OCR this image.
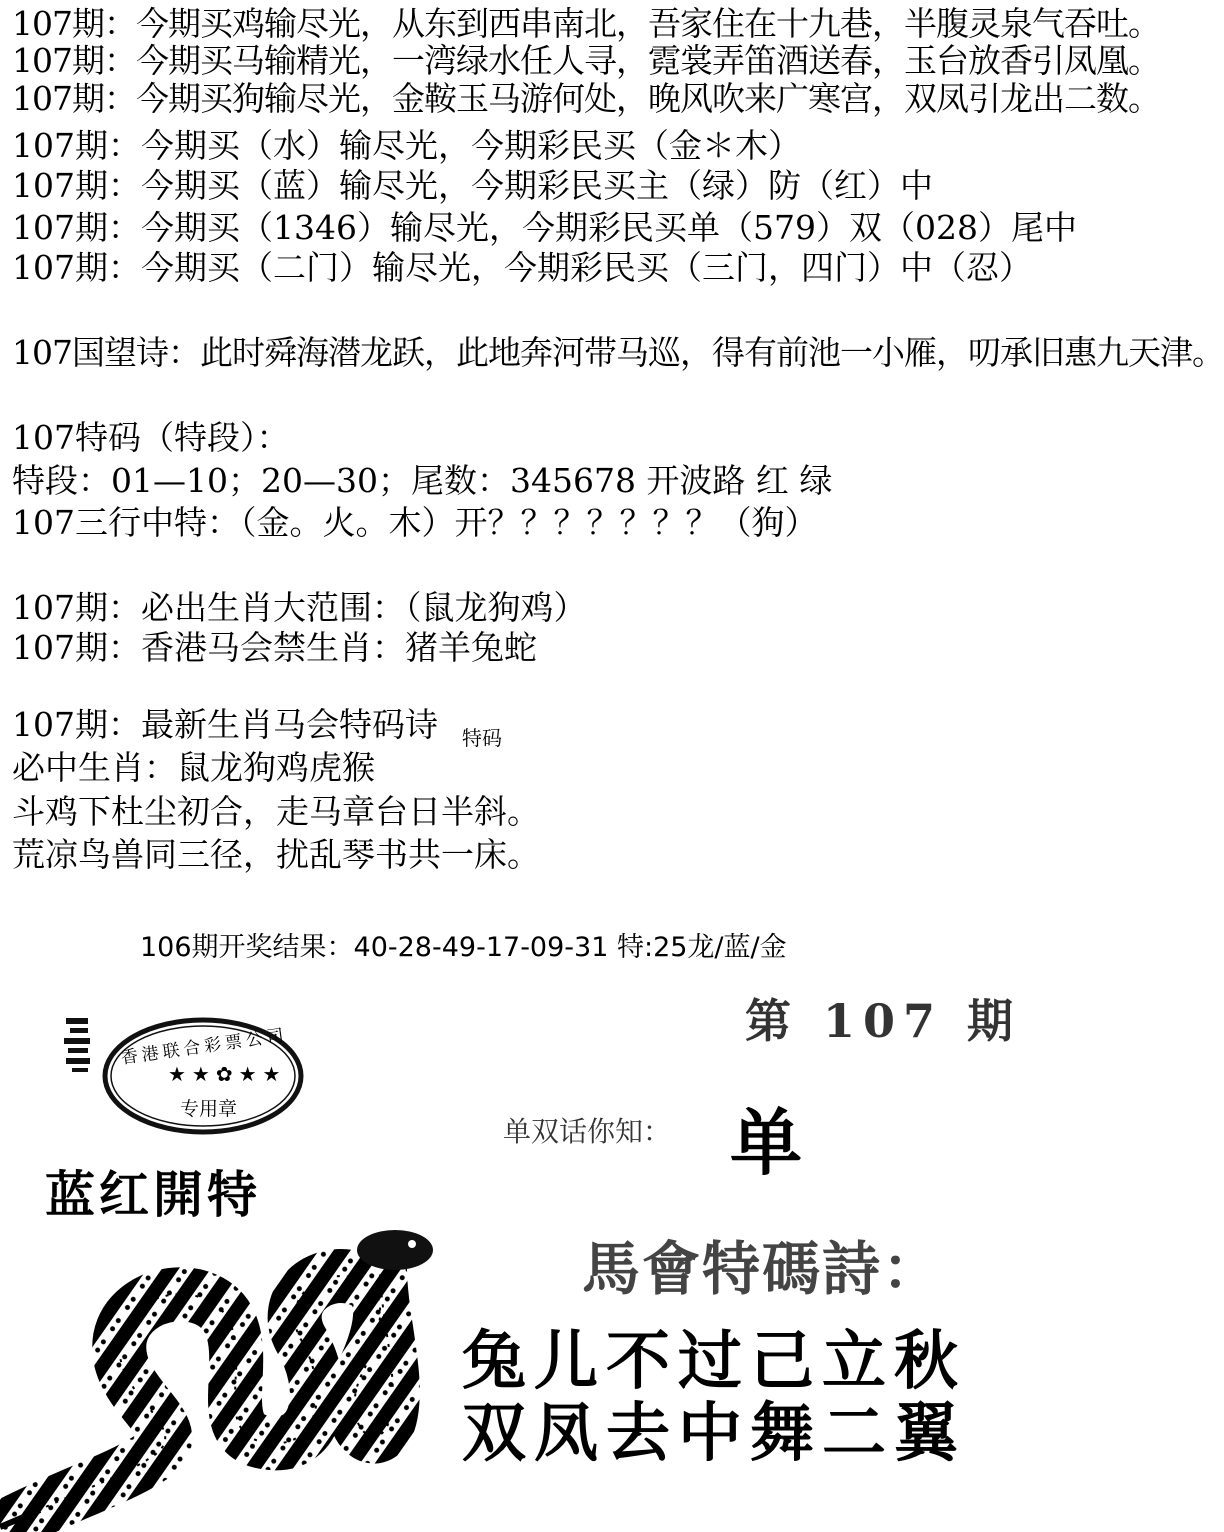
107期：今期买鸡输尽光，从东到西串南北，吾家住在十九巷，半腹灵泉气吞吐。
107期：今期买马输精光，一湾绿水任人寻，霓裳弄笛酒送春，玉台放香引凤凰。
107期：今期买狗输尽光，金鞍玉马游何处，晚风吹来广寒宫，双凤引龙出二数。
107期：今期买（水）输尽光，今期彩民买（金＊木）
107期：今期买（蓝）输尽光，今期彩民买主（绿）防（红）中
107期：今期买（1346）输尽光，今期彩民买单（579）双（028）尾中
107期：今期买（二门）输尽光，今期彩民买（三门，四门）中（忍）
107国望诗：此时舜海潜龙跃，此地奔河带马巡，得有前池一小雁，叨承旧惠九天津。
107特码（特段）：
特段：01—10；20—30；尾数：345678 开波路 红 绿
107三行中特：（金。火。木）开？？？？？？？（狗）
107期：必出生肖大范围：（鼠龙狗鸡）
107期：香港马会禁生肖：猪羊兔蛇
107期：最新生肖马会特码诗 特码
必中生肖：鼠龙狗鸡虎猴
斗鸡下杜尘初合，走马章台日半斜。
荒凉鸟兽同三径，扰乱琴书共一床。
106期开奖结果：40-28-49-17-09-31 特:25龙/蓝/金
第 107 期
香港联合彩票公司
★★✿★★
专用章
单双话你知： 单
蓝红開特
馬會特碼詩：
兔儿不过己立秋
双凤去中舞二翼
